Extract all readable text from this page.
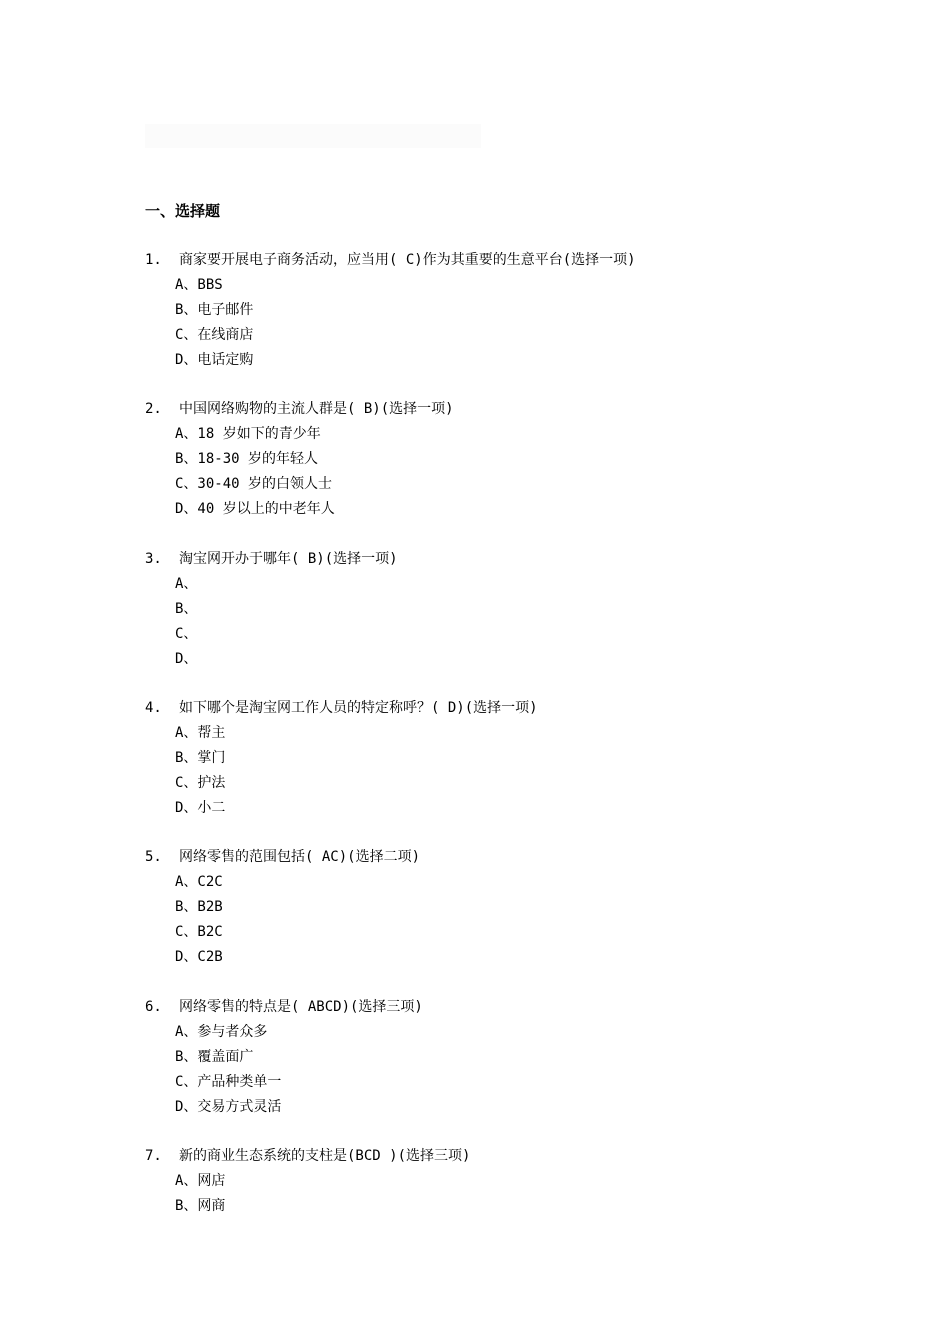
一、选择题
1. 商家要开展电子商务活动，应当用( C)作为其重要的生意平台(选择一项)
A、BBS
B、电子邮件
C、在线商店
D、电话定购
2. 中国网络购物的主流人群是( B)(选择一项)
A、18 岁如下的青少年
B、18-30 岁的年轻人
C、30-40 岁的白领人士
D、40 岁以上的中老年人
3. 淘宝网开办于哪年( B)(选择一项)
A、
B、
C、
D、
4. 如下哪个是淘宝网工作人员的特定称呼？( D)(选择一项)
A、帮主
B、掌门
C、护法
D、小二
5. 网络零售的范围包括( AC)(选择二项)
A、C2C
B、B2B
C、B2C
D、C2B
6. 网络零售的特点是( ABCD)(选择三项)
A、参与者众多
B、覆盖面广
C、产品种类单一
D、交易方式灵活
7. 新的商业生态系统的支柱是(BCD )(选择三项)
A、网店
B、网商
